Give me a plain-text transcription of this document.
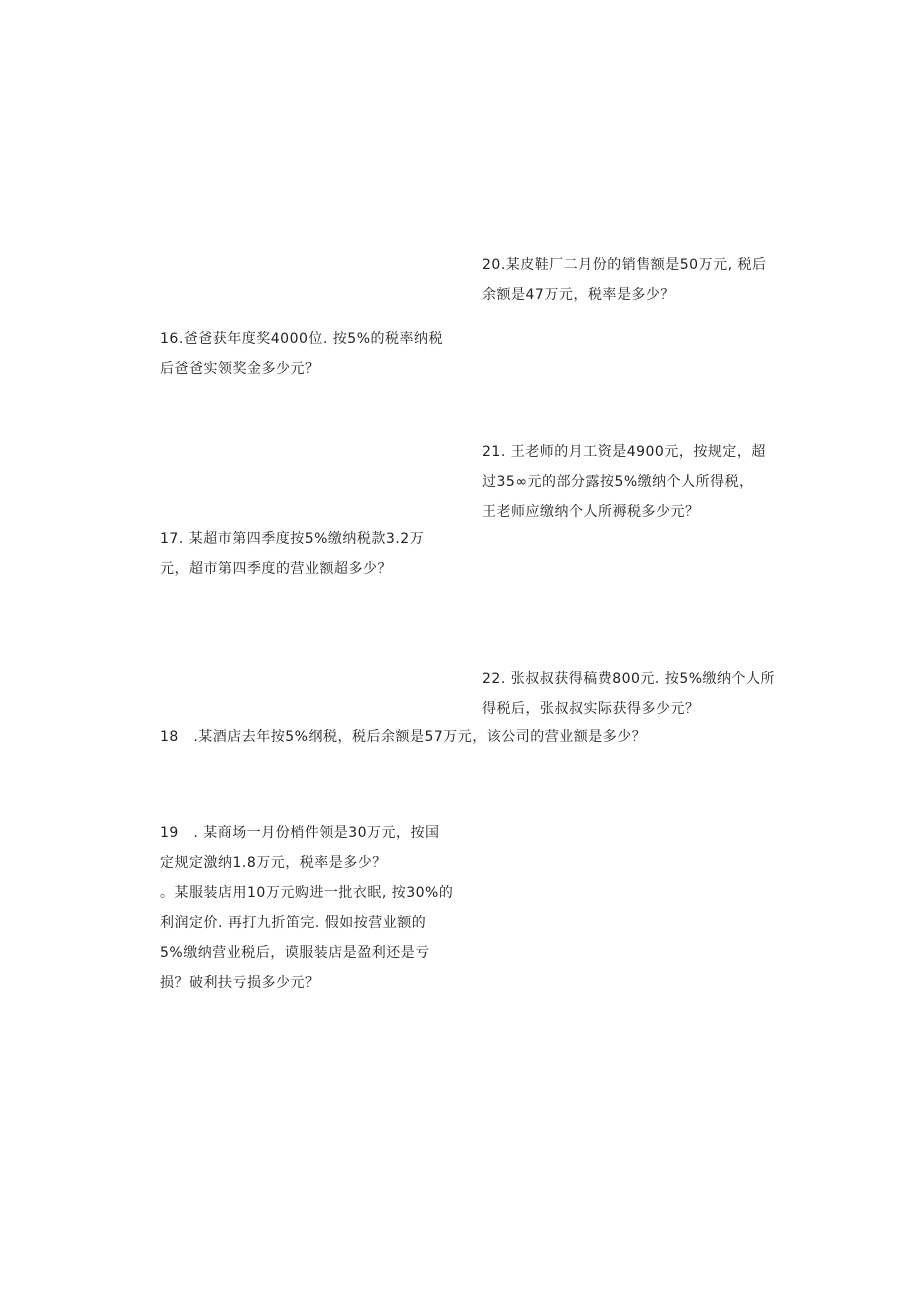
20.某皮鞋厂二月份的销售额是50万元, 税后
余额是47万元，税率是多少？
16.爸爸获年度奖4000位. 按5%的税率纳税
后爸爸实领奖金多少元？
21. 王老师的月工资是4900元，按规定，超
过35∞元的部分露按5%缴纳个人所得税，
王老师应缴纳个人所褥税多少元？
17. 某超市第四季度按5%缴纳税款3.2万
元，超市第四季度的营业额超多少？
22. 张叔叔获得稿费800元. 按5%缴纳个人所
得税后，张叔叔实际获得多少元？
18　.某酒店去年按5%纲税，税后余额是57万元，该公司的营业额是多少？
19　. 某商场一月份梢件领是30万元，按国
定规定激纳1.8万元，税率是多少？
。某服装店用10万元购进一批衣眠, 按30%的
利润定价. 再打九折笛完. 假如按营业额的
5%缴纳营业税后，谟服装店是盈利还是亏
损？破利扶亏损多少元？
